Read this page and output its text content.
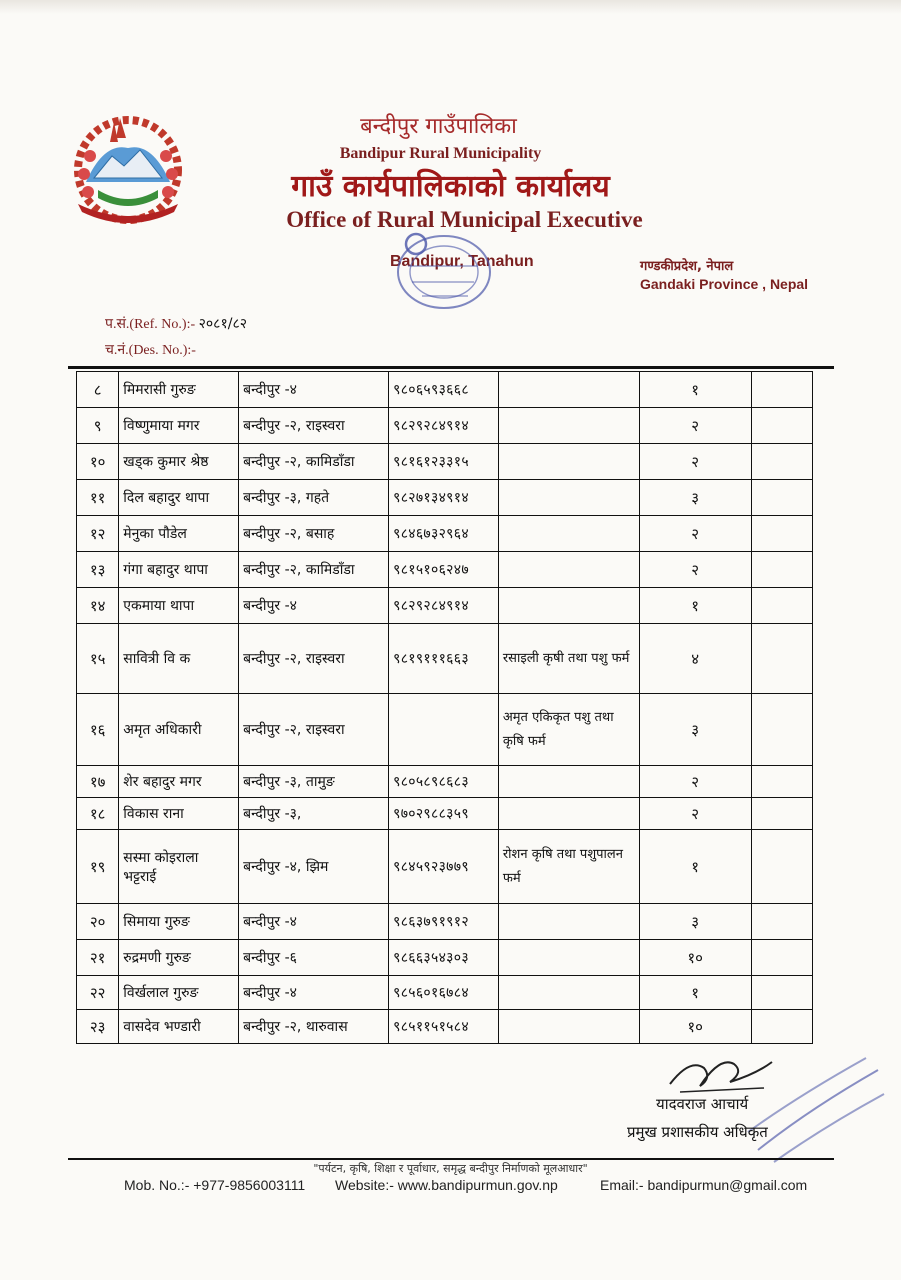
बन्दीपुर गाउँपालिका
Bandipur Rural Municipality
गाउँ कार्यपालिकाको कार्यालय
Office of Rural Municipal Executive
Bandipur, Tanahun	गण्डकीप्रदेश, नेपाल
Gandaki Province , Nepal
प.सं.(Ref. No.):- २०८१/८२
च.नं.(Des. No.):-
८	मिमरासी गुरुङ	बन्दीपुर -४	९८०६५९३६६८		१	
९	विष्णुमाया मगर	बन्दीपुर -२, राइस्वरा	९८२९२८४९१४		२	
१०	खड्क कुमार श्रेष्ठ	बन्दीपुर -२, कामिडाँडा	९८१६१२३३१५		२	
११	दिल बहादुर थापा	बन्दीपुर -३, गहते	९८२७१३४९१४		३	
१२	मेनुका पौडेल	बन्दीपुर -२, बसाह	९८४६७३२९६४		२	
१३	गंगा बहादुर थापा	बन्दीपुर -२, कामिडाँडा	९८१५१०६२४७		२	
१४	एकमाया थापा	बन्दीपुर -४	९८२९२८४९१४		१	
१५	सावित्री वि क	बन्दीपुर -२, राइस्वरा	९८१९१११६६३	रसाइली कृषी तथा पशु फर्म	४	
१६	अमृत अधिकारी	बन्दीपुर -२, राइस्वरा		अमृत एकिकृत पशु तथा कृषि फर्म	३	
१७	शेर बहादुर मगर	बन्दीपुर -३, तामुङ	९८०५८९८६८३		२	
१८	विकास राना	बन्दीपुर -३,	९७०२९८८३५९		२	
१९	सस्मा कोइराला भट्टराई	बन्दीपुर -४, झिम	९८४५९२३७७९	रोशन कृषि तथा पशुपालन फर्म	१	
२०	सिमाया गुरुङ	बन्दीपुर -४	९८६३७९१९१२		३	
२१	रुद्रमणी गुरुङ	बन्दीपुर -६	९८६६३५४३०३		१०	
२२	विर्खलाल गुरुङ	बन्दीपुर -४	९८५६०१६७८४		१	
२३	वासदेव भण्डारी	बन्दीपुर -२, थारुवास	९८५११५१५८४		१०	
यादवराज आचार्य
प्रमुख प्रशासकीय अधिकृत
"पर्यटन, कृषि, शिक्षा र पूर्वाधार, समृद्ध बन्दीपुर निर्माणको मूलआधार"
Mob. No.:- +977-9856003111 Website:- www.bandipurmun.gov.np	Email:- bandipurmun@gmail.com
